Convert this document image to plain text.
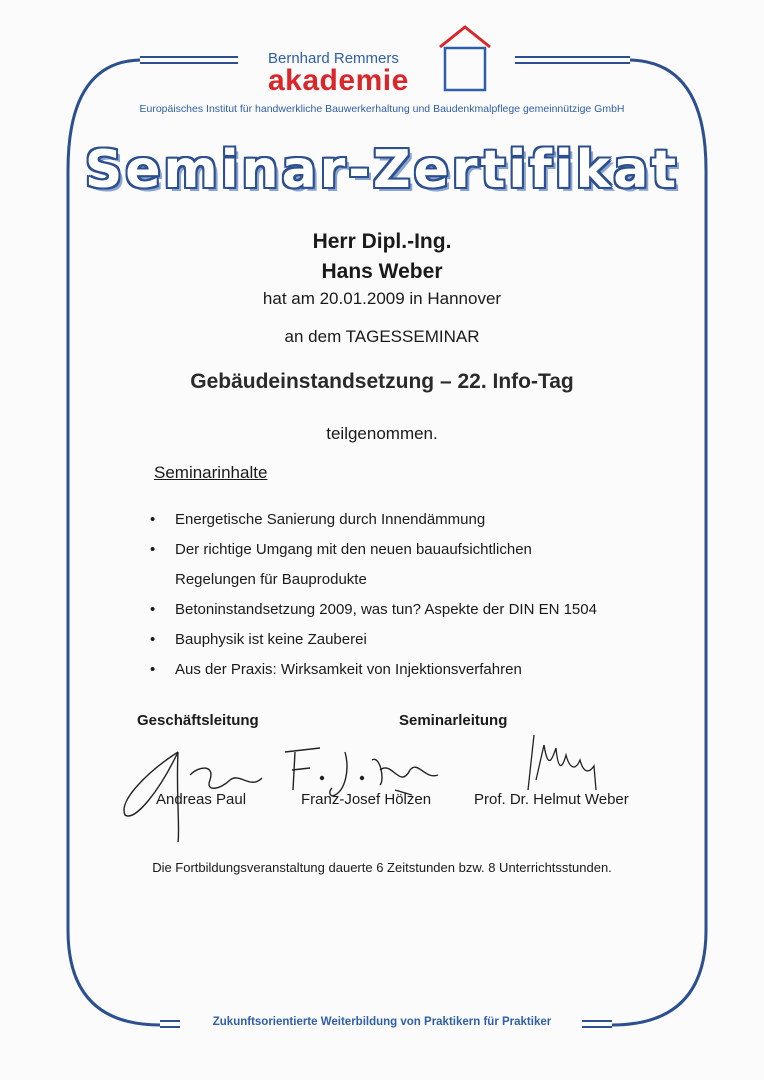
Bernhard Remmers
akademie
Europäisches Institut für handwerkliche Bauwerkerhaltung und Baudenkmalpflege gemeinnützige GmbH
Seminar-Zertifikat
Herr Dipl.-Ing.
Hans Weber
hat am 20.01.2009 in Hannover
an dem TAGESSEMINAR
Gebäudeinstandsetzung – 22. Info-Tag
teilgenommen.
Seminarinhalte
• Energetische Sanierung durch Innendämmung
• Der richtige Umgang mit den neuen bauaufsichtlichen Regelungen für Bauprodukte
• Betoninstandsetzung 2009, was tun? Aspekte der DIN EN 1504
• Bauphysik ist keine Zauberei
• Aus der Praxis: Wirksamkeit von Injektionsverfahren
Geschäftsleitung	Seminarleitung
Andreas Paul	Franz-Josef Hölzen	Prof. Dr. Helmut Weber
Die Fortbildungsveranstaltung dauerte 6 Zeitstunden bzw. 8 Unterrichtsstunden.
Zukunftsorientierte Weiterbildung von Praktikern für Praktiker
